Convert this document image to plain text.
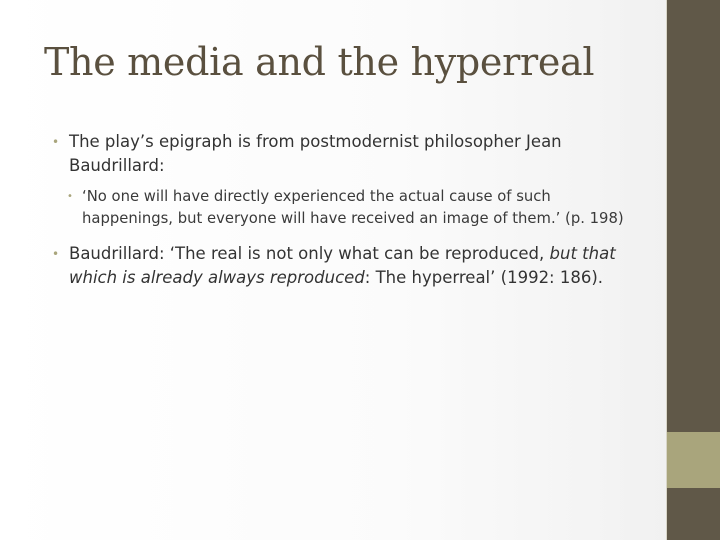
The media and the hyperreal
• The play’s epigraph is from postmodernist philosopher Jean Baudrillard:
• ‘No one will have directly experienced the actual cause of such happenings, but everyone will have received an image of them.’ (p. 198)
• Baudrillard: ‘The real is not only what can be reproduced, but that which is already always reproduced: The hyperreal’ (1992: 186).
